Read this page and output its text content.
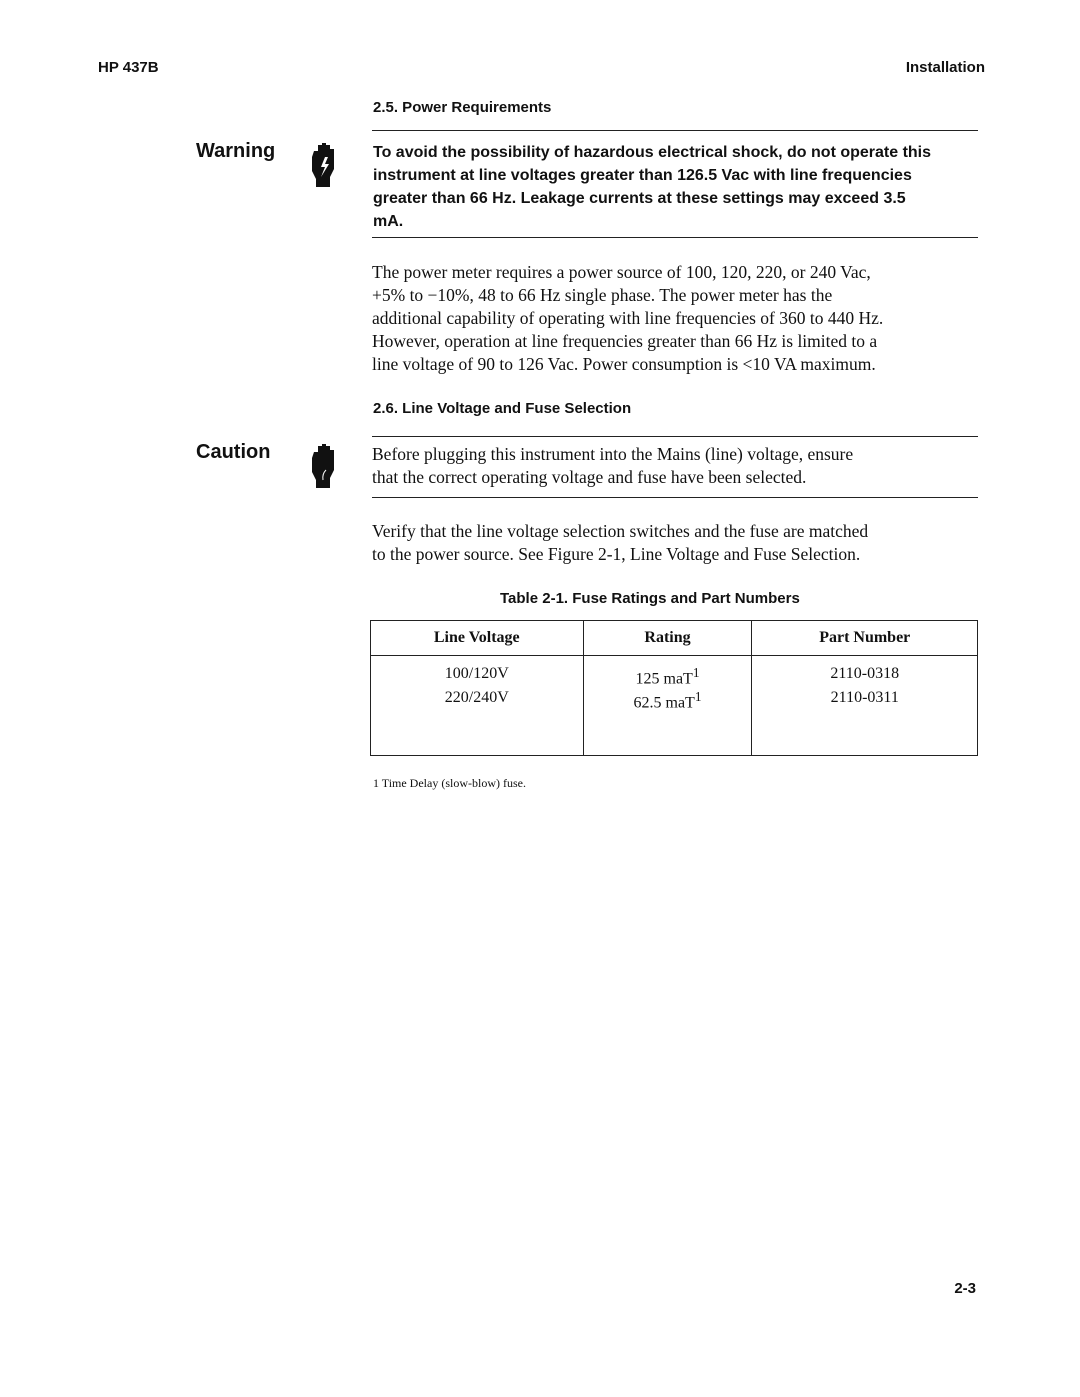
HP 437B	Installation
2.5. Power Requirements
Warning	To avoid the possibility of hazardous electrical shock, do not operate this
instrument at line voltages greater than 126.5 Vac with line frequencies
greater than 66 Hz. Leakage currents at these settings may exceed 3.5
mA.
The power meter requires a power source of 100, 120, 220, or 240 Vac,
+5% to −10%, 48 to 66 Hz single phase. The power meter has the
additional capability of operating with line frequencies of 360 to 440 Hz.
However, operation at line frequencies greater than 66 Hz is limited to a
line voltage of 90 to 126 Vac. Power consumption is <10 VA maximum.
2.6. Line Voltage and Fuse Selection
Caution	Before plugging this instrument into the Mains (line) voltage, ensure
that the correct operating voltage and fuse have been selected.
Verify that the line voltage selection switches and the fuse are matched
to the power source. See Figure 2-1, Line Voltage and Fuse Selection.
Table 2-1. Fuse Ratings and Part Numbers
Line Voltage	Rating	Part Number
100/120V	125 maT$^1$	2110-0318
220/240V	62.5 maT$^1$	2110-0311
1 Time Delay (slow-blow) fuse.
2-3
